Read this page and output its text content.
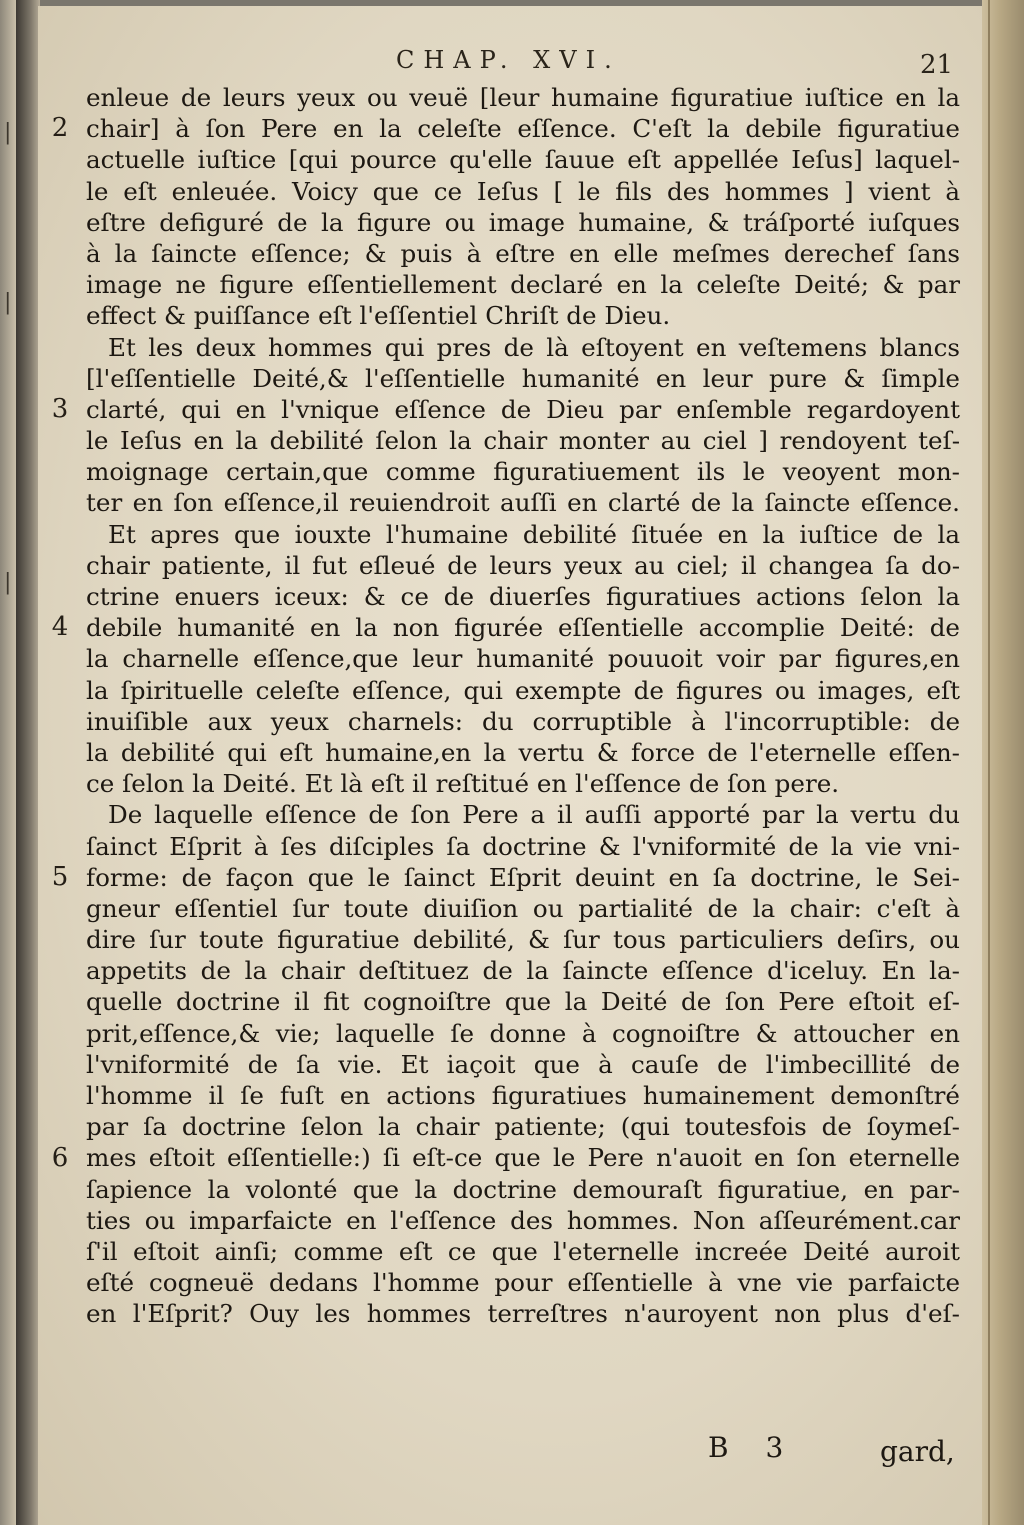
|
|
|
CHAP. XVI.	21
2
3
4
5
6
enleue de leurs yeux ou veuë [leur humaine figuratiue iuſtice en la
chair] à ſon Pere en la celeſte eſſence. C'eſt la debile figuratiue
actuelle iuſtice [qui pource qu'elle ſauue eſt appellée Ieſus] laquel-
le eſt enleuée. Voicy que ce Ieſus [ le fils des hommes ] vient à
eſtre defiguré de la figure ou image humaine, & tráſporté iuſques
à la ſaincte eſſence; & puis à eſtre en elle meſmes derechef ſans
image ne figure eſſentiellement declaré en la celeſte Deité; & par
effect & puiſſance eſt l'eſſentiel Chriſt de Dieu.
Et les deux hommes qui pres de là eſtoyent en veſtemens blancs
[l'eſſentielle Deité,& l'eſſentielle humanité en leur pure & ſimple
clarté, qui en l'vnique eſſence de Dieu par enſemble regardoyent
le Ieſus en la debilité ſelon la chair monter au ciel ] rendoyent teſ-
moignage certain,que comme figuratiuement ils le veoyent mon-
ter en ſon eſſence,il reuiendroit auſſi en clarté de la ſaincte eſſence.
Et apres que iouxte l'humaine debilité ſituée en la iuſtice de la
chair patiente, il fut eſleué de leurs yeux au ciel; il changea ſa do-
ctrine enuers iceux: & ce de diuerſes figuratiues actions ſelon la
debile humanité en la non figurée eſſentielle accomplie Deité: de
la charnelle eſſence,que leur humanité pouuoit voir par figures,en
la ſpirituelle celeſte eſſence, qui exempte de figures ou images, eſt
inuiſible aux yeux charnels: du corruptible à l'incorruptible: de
la debilité qui eſt humaine,en la vertu & force de l'eternelle eſſen-
ce ſelon la Deité. Et là eſt il reſtitué en l'eſſence de ſon pere.
De laquelle eſſence de ſon Pere a il auſſi apporté par la vertu du
ſainct Eſprit à ſes diſciples ſa doctrine & l'vniformité de la vie vni-
forme: de façon que le ſainct Eſprit deuint en ſa doctrine, le Sei-
gneur eſſentiel ſur toute diuiſion ou partialité de la chair: c'eſt à
dire ſur toute figuratiue debilité, & ſur tous particuliers deſirs, ou
appetits de la chair deſtituez de la ſaincte eſſence d'iceluy. En la-
quelle doctrine il fit cognoiſtre que la Deité de ſon Pere eſtoit eſ-
prit,eſſence,& vie; laquelle ſe donne à cognoiſtre & attoucher en
l'vniformité de ſa vie. Et iaçoit que à cauſe de l'imbecillité de
l'homme il ſe fuſt en actions figuratiues humainement demonſtré
par ſa doctrine ſelon la chair patiente; (qui toutesfois de ſoymeſ-
mes eſtoit eſſentielle:) ſi eſt-ce que le Pere n'auoit en ſon eternelle
ſapience la volonté que la doctrine demouraſt figuratiue, en par-
ties ou imparfaicte en l'eſſence des hommes. Non aſſeurément.car
ſ'il eſtoit ainſi; comme eſt ce que l'eternelle increée Deité auroit
eſté cogneuë dedans l'homme pour eſſentielle à vne vie parfaicte
en l'Eſprit? Ouy les hommes terreſtres n'auroyent non plus d'eſ-
B 3	gard,
